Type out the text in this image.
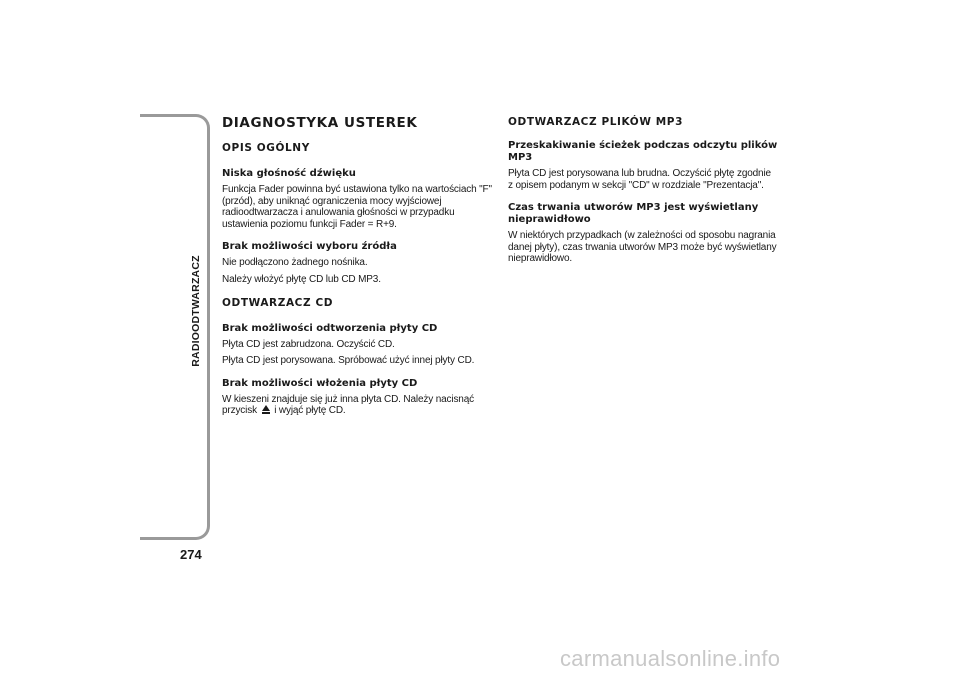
RADIOODTWARZACZ
274
DIAGNOSTYKA USTEREK
OPIS OGÓLNY
Niska głośność dźwięku
Funkcja Fader powinna być ustawiona tylko na wartościach "F" (przód), aby uniknąć ograniczenia mocy wyjściowej radioodtwarzacza i anulowania głośności w przypadku ustawienia poziomu funkcji Fader = R+9.
Brak możliwości wyboru źródła
Nie podłączono żadnego nośnika.
Należy włożyć płytę CD lub CD MP3.
ODTWARZACZ CD
Brak możliwości odtworzenia płyty CD
Płyta CD jest zabrudzona. Oczyścić CD.
Płyta CD jest porysowana. Spróbować użyć innej płyty CD.
Brak możliwości włożenia płyty CD
W kieszeni znajduje się już inna płyta CD. Należy nacisnąć
przycisk i wyjąć płytę CD.
ODTWARZACZ PLIKÓW MP3
Przeskakiwanie ścieżek podczas odczytu plików MP3
Płyta CD jest porysowana lub brudna. Oczyścić płytę zgodnie z opisem podanym w sekcji "CD" w rozdziale "Prezentacja".
Czas trwania utworów MP3 jest wyświetlany nieprawidłowo
W niektórych przypadkach (w zależności od sposobu nagrania danej płyty), czas trwania utworów MP3 może być wyświetlany nieprawidłowo.
carmanualsonline.info
